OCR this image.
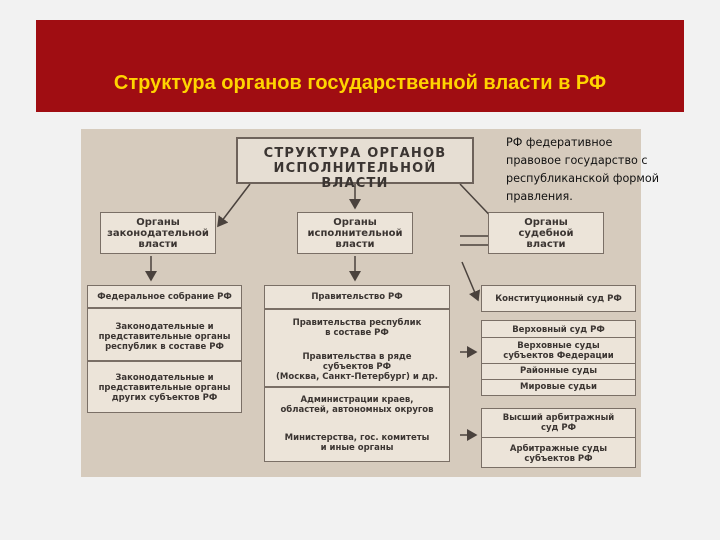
Структура органов государственной власти в РФ
СТРУКТУРА ОРГАНОВ
ИСПОЛНИТЕЛЬНОЙ ВЛАСТИ
Органы
законодательной
власти
Органы
исполнительной
власти
Органы
судебной
власти
Федеральное собрание РФ
Законодательные и
представительные органы
республик в составе РФ
Законодательные и
представительные органы
других субъектов РФ
Правительство РФ
Правительства республик
в составе РФ
Правительства в ряде
субъектов РФ
(Москва, Санкт-Петербург) и др.
Администрации краев,
областей, автономных округов
Министерства, гос. комитеты
и иные органы
Конституционный суд РФ
Верховный суд РФ
Верховные суды
субъектов Федерации
Районные суды
Мировые судьи
Высший арбитражный
суд РФ
Арбитражные суды
субъектов РФ
РФ федеративное
правовое государство с
республиканской формой
правления.
